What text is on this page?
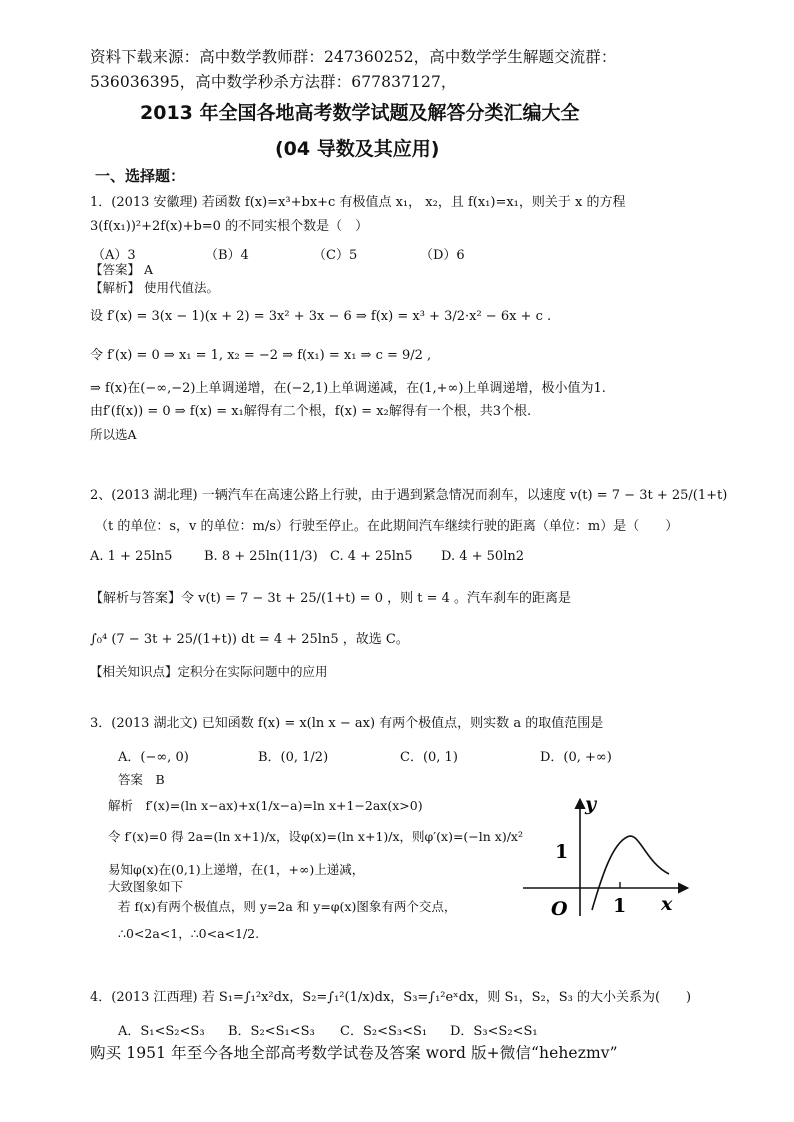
资料下载来源：高中数学教师群：247360252，高中数学学生解题交流群：
536036395，高中数学秒杀方法群：677837127，
2013 年全国各地高考数学试题及解答分类汇编大全
(04 导数及其应用)
一、选择题：
1．(2013 安徽理) 若函数 f(x)=x³+bx+c 有极值点 x₁， x₂，且 f(x₁)=x₁，则关于 x 的方程
3(f(x₁))²+2f(x)+b=0 的不同实根个数是（　）
（A）3	（B）4	（C）5	（D）6
【答案】 A
【解析】 使用代值法。
设 f′(x) = 3(x − 1)(x + 2) = 3x² + 3x − 6 ⇒ f(x) = x³ + 3/2·x² − 6x + c .
令 f′(x) = 0 ⇒ x₁ = 1, x₂ = −2 ⇒ f(x₁) = x₁ ⇒ c = 9/2 ,
⇒ f(x)在(−∞,−2)上单调递增，在(−2,1)上单调递减，在(1,+∞)上单调递增，极小值为1.
由f′(f(x)) = 0 ⇒ f(x) = x₁解得有二个根，f(x) = x₂解得有一个根，共3个根.
所以选A
2、(2013 湖北理) 一辆汽车在高速公路上行驶，由于遇到紧急情况而刹车，以速度 v(t) = 7 − 3t + 25/(1+t)
（t 的单位：s，v 的单位：m/s）行驶至停止。在此期间汽车继续行驶的距离（单位：m）是（　　）
A. 1 + 25ln5 B. 8 + 25ln(11/3) C. 4 + 25ln5 D. 4 + 50ln2
【解析与答案】令 v(t) = 7 − 3t + 25/(1+t) = 0 ，则 t = 4 。汽车刹车的距离是
∫₀⁴ (7 − 3t + 25/(1+t)) dt = 4 + 25ln5 ，故选 C。
【相关知识点】定积分在实际问题中的应用
3．(2013 湖北文) 已知函数 f(x) = x(ln x − ax) 有两个极值点，则实数 a 的取值范围是
A．(−∞, 0)	B．(0, 1/2)	C．(0, 1)	D．(0, +∞)
答案　B
解析　f′(x)=(ln x−ax)+x(1/x−a)=ln x+1−2ax(x>0)
令 f′(x)=0 得 2a=(ln x+1)/x，设φ(x)=(ln x+1)/x，则φ′(x)=(−ln x)/x²
易知φ(x)在(0,1)上递增，在(1，+∞)上递减，
大致图象如下
若 f(x)有两个极值点，则 y=2a 和 y=φ(x)图象有两个交点，
∴0<2a<1，∴0<a<1/2.
y
x
O
1
1
4．(2013 江西理) 若 S₁=∫₁²x²dx，S₂=∫₁²(1/x)dx，S₃=∫₁²eˣdx，则 S₁，S₂，S₃ 的大小关系为(　　)
A．S₁<S₂<S₃ B．S₂<S₁<S₃ C．S₂<S₃<S₁ D．S₃<S₂<S₁
购买 1951 年至今各地全部高考数学试卷及答案 word 版+微信“hehezmv”
